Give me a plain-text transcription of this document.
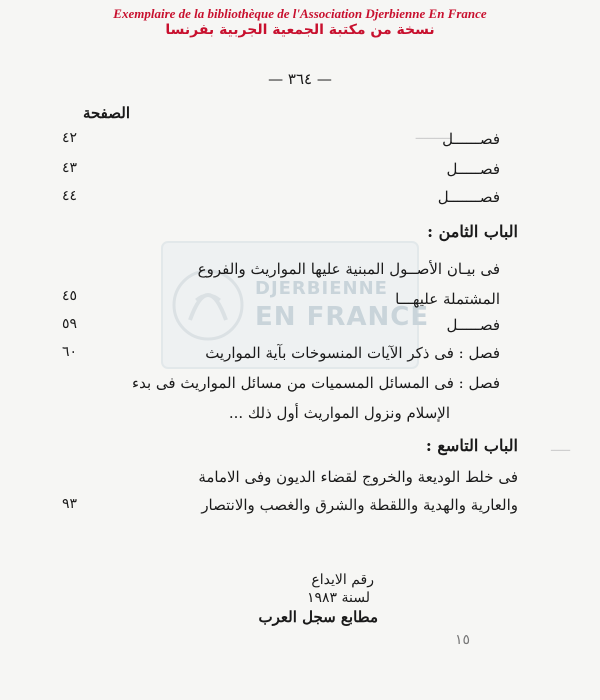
Exemplaire de la bibliothèque de l'Association Djerbienne En France
نسخة من مكتبة الجمعية الجربية بفرنسا
— ٣٦٤ —
DJERBIENNE
EN FRANCE
ـــــــــ
ـــــ
الصفحة
فصــــــل
٤٢
فصـــــل
٤٣
فصـــــــل
٤٤
الباب الثامن :
فى بيـان الأصــول المبنية عليها المواريث والفروع
المشتملة عليهـــا
٤٥
فصـــــل
٥٩
فصل : فى ذكر الآيات المنسوخات بآية المواريث
٦٠
فصل : فى المسائل المسميات من مسائل المواريث فى بدء
الإسلام ونزول المواريث أول ذلك ...
الباب التاسع :
فى خلط الوديعة والخروج لقضاء الديون وفى الامامة
والعارية والهدية واللقطة والشرق والغصب والانتصار
٩٣
رقم الايداع
لسنة ١٩٨٣
مطابع سجل العرب
١٥
